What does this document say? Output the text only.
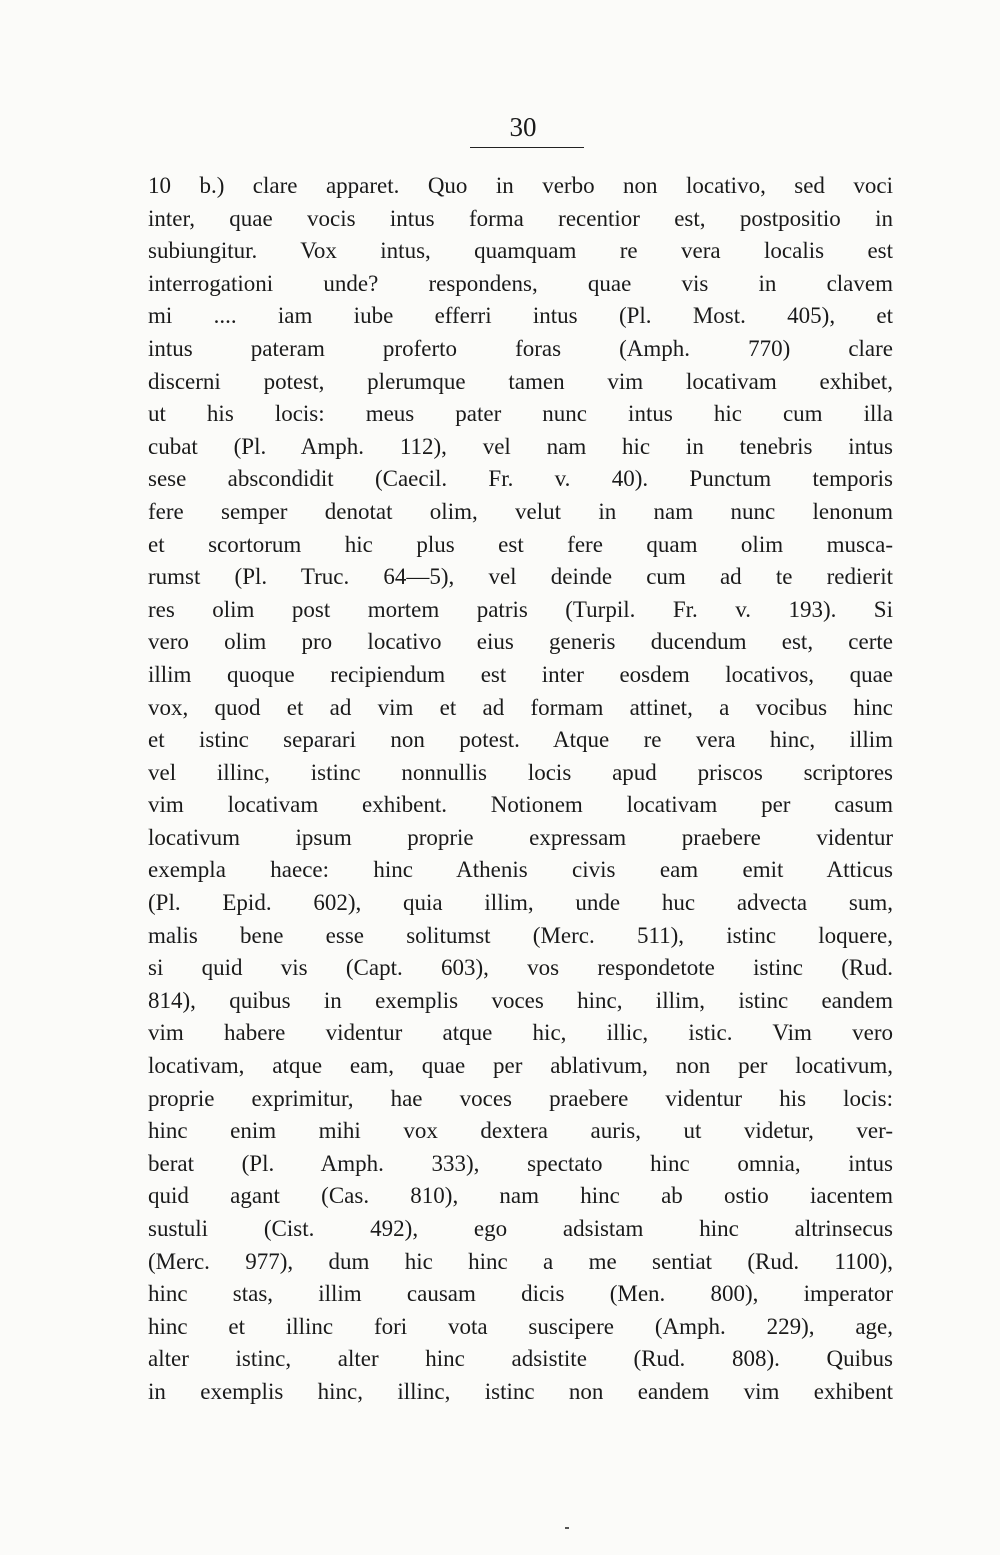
30
10 b.) clare apparet. Quo in verbo non locativo, sed voci
inter, quae vocis intus forma recentior est, postpositio in
subiungitur. Vox intus, quamquam re vera localis est
interrogationi unde? respondens, quae vis in clavem
mi .... iam iube efferri intus (Pl. Most. 405), et
intus pateram proferto foras (Amph. 770) clare
discerni potest, plerumque tamen vim locativam exhibet,
ut his locis: meus pater nunc intus hic cum illa
cubat (Pl. Amph. 112), vel nam hic in tenebris intus
sese abscondidit (Caecil. Fr. v. 40). Punctum temporis
fere semper denotat olim, velut in nam nunc lenonum
et scortorum hic plus est fere quam olim musca-
rumst (Pl. Truc. 64—5), vel deinde cum ad te redierit
res olim post mortem patris (Turpil. Fr. v. 193). Si
vero olim pro locativo eius generis ducendum est, certe
illim quoque recipiendum est inter eosdem locativos, quae
vox, quod et ad vim et ad formam attinet, a vocibus hinc
et istinc separari non potest. Atque re vera hinc, illim
vel illinc, istinc nonnullis locis apud priscos scriptores
vim locativam exhibent. Notionem locativam per casum
locativum ipsum proprie expressam praebere videntur
exempla haece: hinc Athenis civis eam emit Atticus
(Pl. Epid. 602), quia illim, unde huc advecta sum,
malis bene esse solitumst (Merc. 511), istinc loquere,
si quid vis (Capt. 603), vos respondetote istinc (Rud.
814), quibus in exemplis voces hinc, illim, istinc eandem
vim habere videntur atque hic, illic, istic. Vim vero
locativam, atque eam, quae per ablativum, non per locativum,
proprie exprimitur, hae voces praebere videntur his locis:
hinc enim mihi vox dextera auris, ut videtur, ver-
berat (Pl. Amph. 333), spectato hinc omnia, intus
quid agant (Cas. 810), nam hinc ab ostio iacentem
sustuli (Cist. 492), ego adsistam hinc altrinsecus
(Merc. 977), dum hic hinc a me sentiat (Rud. 1100),
hinc stas, illim causam dicis (Men. 800), imperator
hinc et illinc fori vota suscipere (Amph. 229), age,
alter istinc, alter hinc adsistite (Rud. 808). Quibus
in exemplis hinc, illinc, istinc non eandem vim exhibent
